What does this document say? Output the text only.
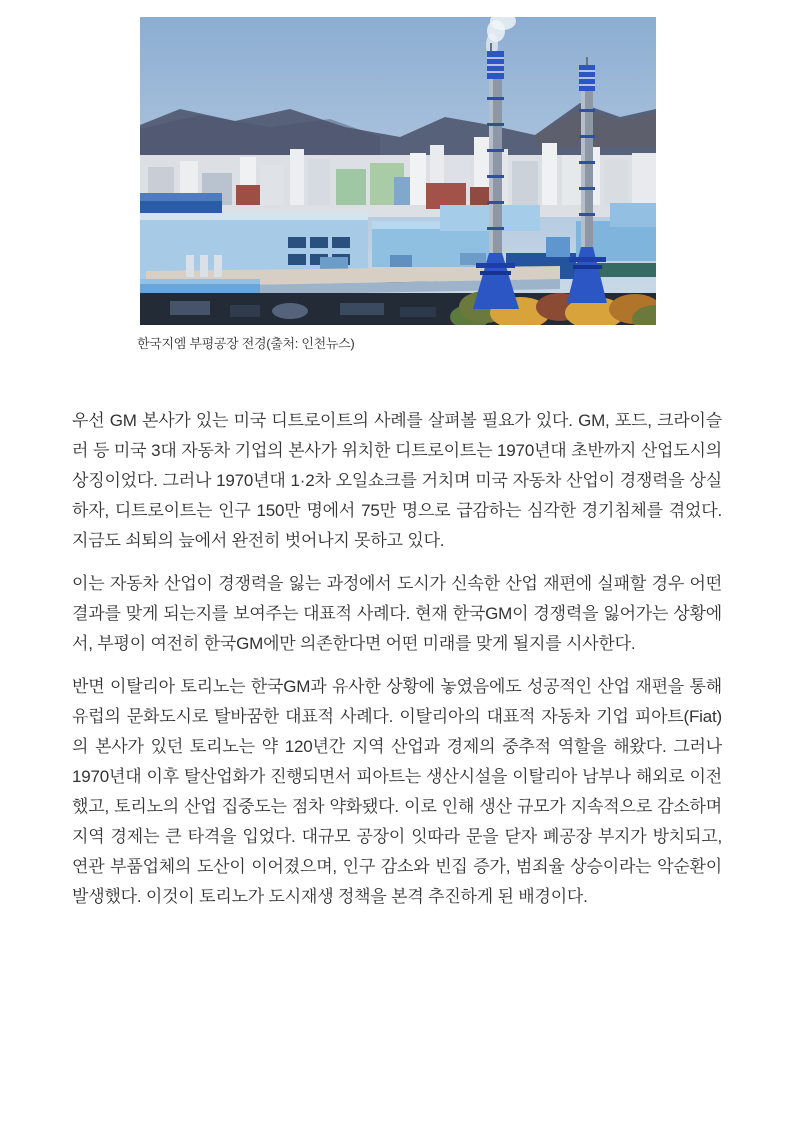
한국지엠 부평공장 전경(출처: 인천뉴스)

우선 GM 본사가 있는 미국 디트로이트의 사례를 살펴볼 필요가 있다. GM, 포드, 크라이슬러 등 미국 3대 자동차 기업의 본사가 위치한 디트로이트는 1970년대 초반까지 산업도시의 상징이었다. 그러나 1970년대 1·2차 오일쇼크를 거치며 미국 자동차 산업이 경쟁력을 상실하자, 디트로이트는 인구 150만 명에서 75만 명으로 급감하는 심각한 경기침체를 겪었다. 지금도 쇠퇴의 늪에서 완전히 벗어나지 못하고 있다.

이는 자동차 산업이 경쟁력을 잃는 과정에서 도시가 신속한 산업 재편에 실패할 경우 어떤 결과를 맞게 되는지를 보여주는 대표적 사례다. 현재 한국GM이 경쟁력을 잃어가는 상황에서, 부평이 여전히 한국GM에만 의존한다면 어떤 미래를 맞게 될지를 시사한다.

반면 이탈리아 토리노는 한국GM과 유사한 상황에 놓였음에도 성공적인 산업 재편을 통해 유럽의 문화도시로 탈바꿈한 대표적 사례다. 이탈리아의 대표적 자동차 기업 피아트(Fiat)의 본사가 있던 토리노는 약 120년간 지역 산업과 경제의 중추적 역할을 해왔다. 그러나 1970년대 이후 탈산업화가 진행되면서 피아트는 생산시설을 이탈리아 남부나 해외로 이전했고, 토리노의 산업 집중도는 점차 약화됐다. 이로 인해 생산 규모가 지속적으로 감소하며 지역 경제는 큰 타격을 입었다. 대규모 공장이 잇따라 문을 닫자 폐공장 부지가 방치되고, 연관 부품업체의 도산이 이어졌으며, 인구 감소와 빈집 증가, 범죄율 상승이라는 악순환이 발생했다. 이것이 토리노가 도시재생 정책을 본격 추진하게 된 배경이다.
